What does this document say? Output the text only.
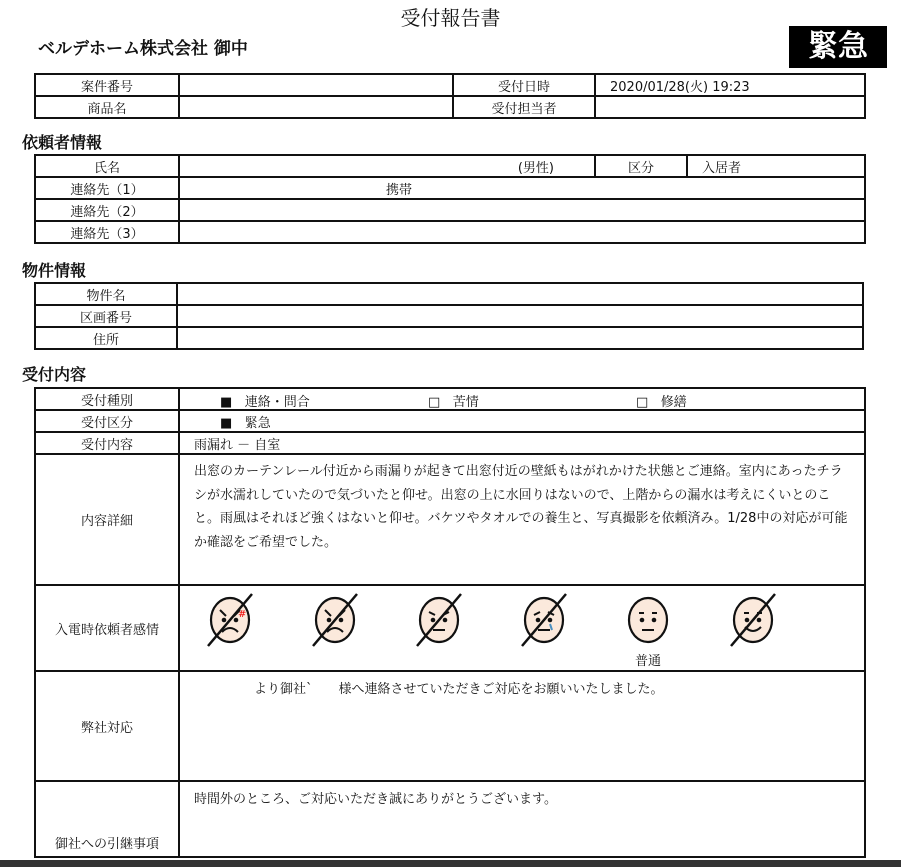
受付報告書
ベルデホーム株式会社 御中	緊急
案件番号		受付日時	2020/01/28(火) 19:23
商品名		受付担当者	
依頼者情報
氏名	(男性)	区分	入居者
連絡先（1）	携帯		
連絡先（2）			
連絡先（3）			
物件情報
物件名	
区画番号	
住所	
受付内容
受付種別	■ 連絡・問合 □ 苦情 □ 修繕

受付区分	■ 緊急
受付内容	雨漏れ － 自室
内容詳細	出窓のカーテンレール付近から雨漏りが起きて出窓付近の壁紙もはがれかけた状態とご連絡。室内にあったチラシが水濡れしていたので気づいたと仰せ。出窓の上に水回りはないので、上階からの漏水は考えにくいとのこと。雨風はそれほど強くはないと仰せ。バケツやタオルでの養生と、写真撮影を依頼済み。1/28中の対応が可能か確認をご希望でした。
入電時依頼者感情	#
普通

弊社対応	より御社`　　様へ連絡させていただきご対応をお願いいたしました。
御社への引継事項	時間外のところ、ご対応いただき誠にありがとうございます。
